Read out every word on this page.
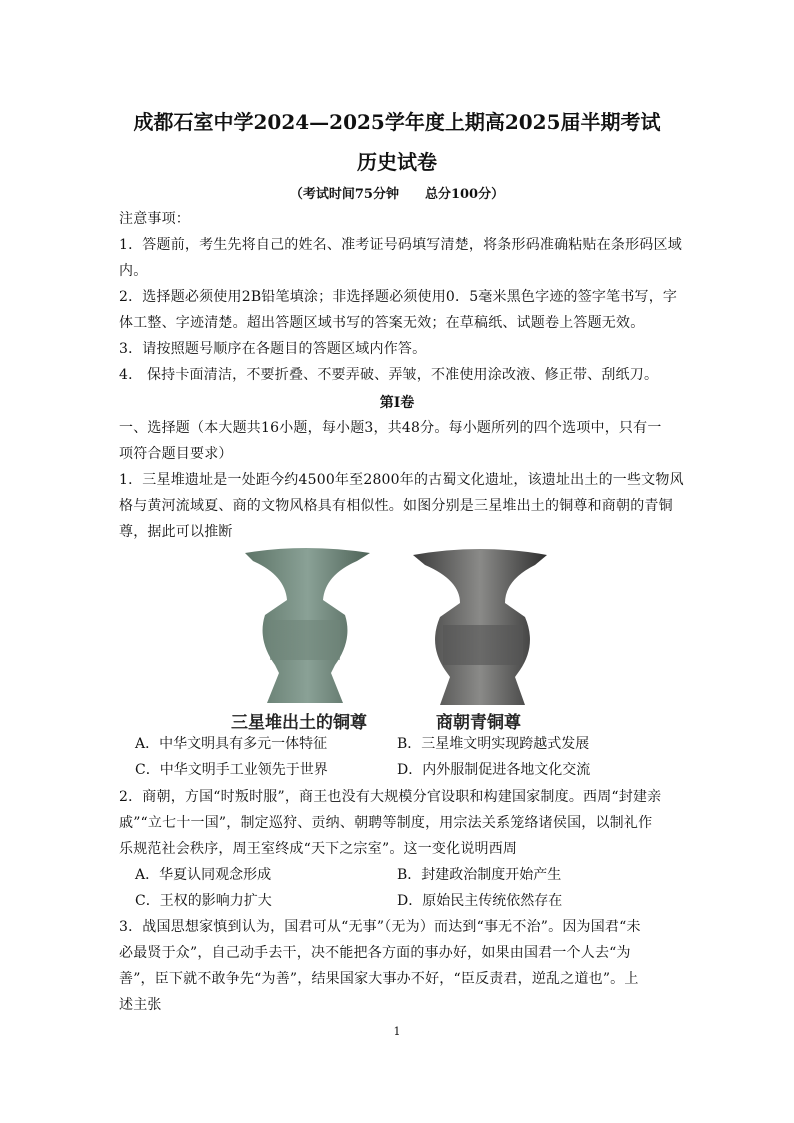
成都石室中学2024—2025学年度上期高2025届半期考试
历史试卷
（考试时间75分钟　　总分100分）
注意事项：
1．答题前，考生先将自己的姓名、准考证号码填写清楚，将条形码准确粘贴在条形码区域
内。
2．选择题必须使用2B铅笔填涂；非选择题必须使用0．5毫米黑色字迹的签字笔书写，字
体工整、字迹清楚。超出答题区域书写的答案无效；在草稿纸、试题卷上答题无效。
3．请按照题号顺序在各题目的答题区域内作答。
4． 保持卡面清洁，不要折叠、不要弄破、弄皱，不准使用涂改液、修正带、刮纸刀。
第Ⅰ卷
一、选择题（本大题共16小题，每小题3，共48分。每小题所列的四个选项中，只有一
项符合题目要求）
1．三星堆遗址是一处距今约4500年至2800年的古蜀文化遗址，该遗址出土的一些文物风
格与黄河流域夏、商的文物风格具有相似性。如图分别是三星堆出土的铜尊和商朝的青铜
尊，据此可以推断
三星堆出土的铜尊	商朝青铜尊
A．中华文明具有多元一体特征	B．三星堆文明实现跨越式发展
C．中华文明手工业领先于世界	D．内外服制促进各地文化交流
2．商朝，方国“时叛时服”，商王也没有大规模分官设职和构建国家制度。西周“封建亲
戚”“立七十一国”，制定巡狩、贡纳、朝聘等制度，用宗法关系笼络诸侯国，以制礼作
乐规范社会秩序，周王室终成“天下之宗室”。这一变化说明西周
A．华夏认同观念形成	B．封建政治制度开始产生
C．王权的影响力扩大	D．原始民主传统依然存在
3．战国思想家慎到认为，国君可从“无事”（无为）而达到“事无不治”。因为国君“未
必最贤于众”，自己动手去干，决不能把各方面的事办好，如果由国君一个人去“为
善”，臣下就不敢争先“为善”，结果国家大事办不好，“臣反责君，逆乱之道也”。上
述主张
1
